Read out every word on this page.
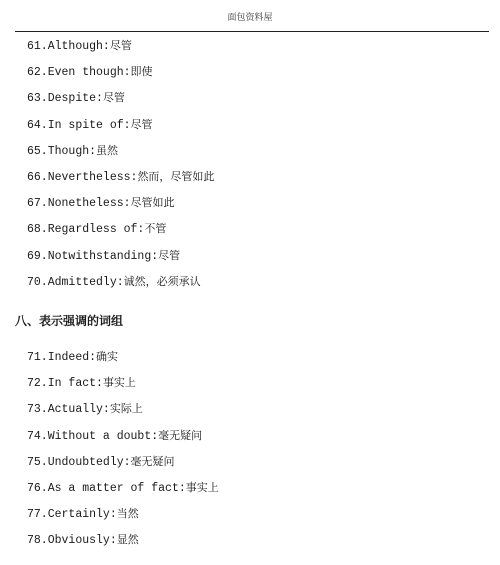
面包资料屋
61.Although:尽管
62.Even though:即使
63.Despite:尽管
64.In spite of:尽管
65.Though:虽然
66.Nevertheless:然而，尽管如此
67.Nonetheless:尽管如此
68.Regardless of:不管
69.Notwithstanding:尽管
70.Admittedly:诚然，必须承认
八、表示强调的词组
71.Indeed:确实
72.In fact:事实上
73.Actually:实际上
74.Without a doubt:毫无疑问
75.Undoubtedly:毫无疑问
76.As a matter of fact:事实上
77.Certainly:当然
78.Obviously:显然
